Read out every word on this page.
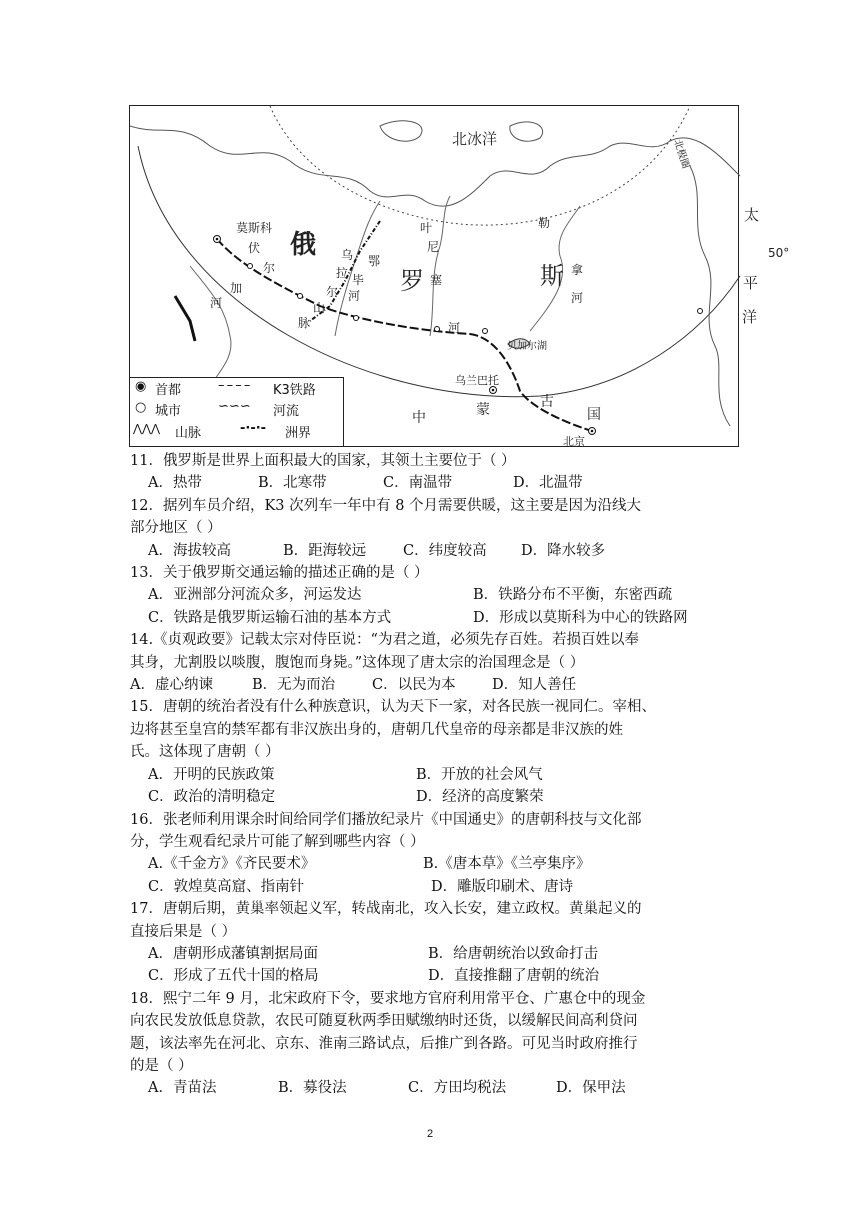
北冰洋	北极圈
太
平
洋
50°
莫斯科
俄
罗	斯
乌
拉
尔
山
脉
伏
尔
加
河
鄂
毕
河
叶
尼
塞
河
勒
拿
河
贝加尔湖
乌兰巴托
蒙	古
中	国
北京
◉ 首都	– – – – K3铁路
○ 城市	∽∽∽ 河流
⋀⋀⋀ 山脉	-·-·- 洲界
11．俄罗斯是世界上面积最大的国家，其领土主要位于（ ）
A．热带	B．北寒带	C．南温带	D．北温带
12．据列车员介绍，K3 次列车一年中有 8 个月需要供暖，这主要是因为沿线大
部分地区（ ）
A．海拔较高	B．距海较远	C．纬度较高	D．降水较多
13．关于俄罗斯交通运输的描述正确的是（ ）
A．亚洲部分河流众多，河运发达	B．铁路分布不平衡，东密西疏
C．铁路是俄罗斯运输石油的基本方式	D．形成以莫斯科为中心的铁路网
14.《贞观政要》记载太宗对侍臣说：“为君之道，必须先存百姓。若损百姓以奉
其身，尤割股以啖腹，腹饱而身毙。”这体现了唐太宗的治国理念是（ ）
A．虚心纳谏	B．无为而治	C．以民为本	D．知人善任
15．唐朝的统治者没有什么种族意识，认为天下一家，对各民族一视同仁。宰相、
边将甚至皇宫的禁军都有非汉族出身的，唐朝几代皇帝的母亲都是非汉族的姓
氏。这体现了唐朝（ ）
A．开明的民族政策	B．开放的社会风气
C．政治的清明稳定	D．经济的高度繁荣
16．张老师利用课余时间给同学们播放纪录片《中国通史》的唐朝科技与文化部
分，学生观看纪录片可能了解到哪些内容（ ）
A.《千金方》《齐民要术》	B.《唐本草》《兰亭集序》
C．敦煌莫高窟、指南针	D．雕版印刷术、唐诗
17．唐朝后期，黄巢率领起义军，转战南北，攻入长安，建立政权。黄巢起义的
直接后果是（ ）
A．唐朝形成藩镇割据局面	B．给唐朝统治以致命打击
C．形成了五代十国的格局	D．直接推翻了唐朝的统治
18．熙宁二年 9 月，北宋政府下令，要求地方官府利用常平仓、广惠仓中的现金
向农民发放低息贷款，农民可随夏秋两季田赋缴纳时还货，以缓解民间高利贷问
题，该法率先在河北、京东、淮南三路试点，后推广到各路。可见当时政府推行
的是（ ）
A．青苗法	B．募役法	C．方田均税法	D．保甲法
2
